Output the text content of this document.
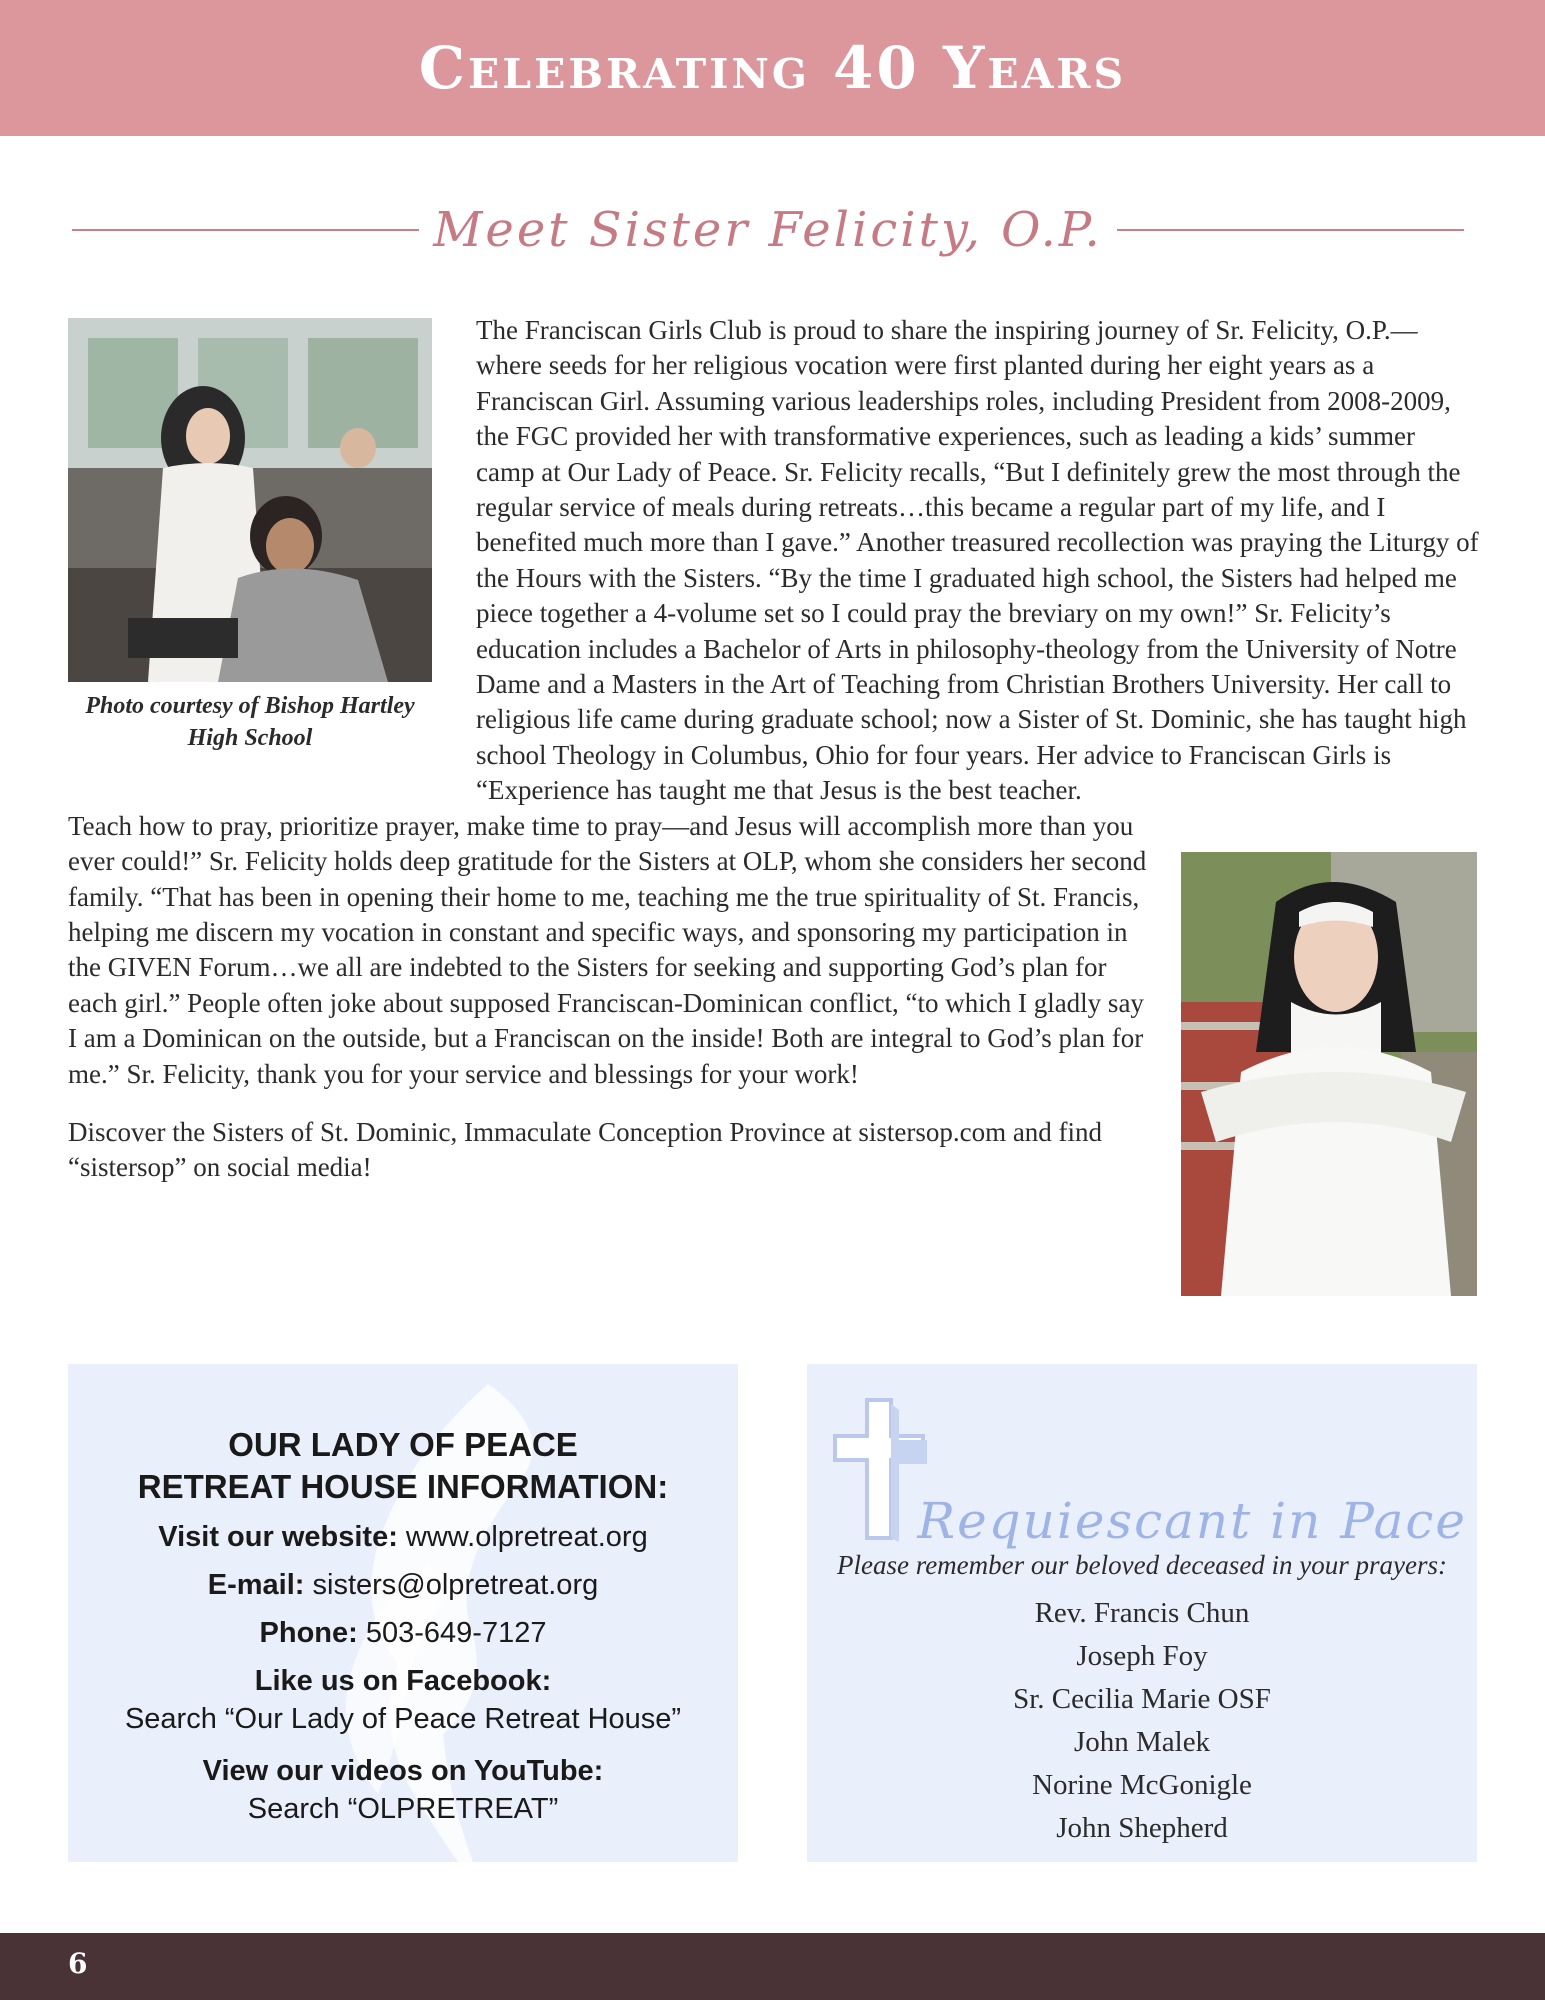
Celebrating 40 Years
Meet Sister Felicity, O.P.
Photo courtesy of Bishop Hartley High School

The Franciscan Girls Club is proud to share the inspiring journey of Sr. Felicity, O.P.—where seeds for her religious vocation were first planted during her eight years as a Franciscan Girl. Assuming various leaderships roles, including President from 2008-2009, the FGC provided her with transformative experiences, such as leading a kids’ summer camp at Our Lady of Peace. Sr. Felicity recalls, “But I definitely grew the most through the regular service of meals during retreats…this became a regular part of my life, and I benefited much more than I gave.” Another treasured recollection was praying the Liturgy of the Hours with the Sisters. “By the time I graduated high school, the Sisters had helped me piece together a 4-volume set so I could pray the breviary on my own!” Sr. Felicity’s education includes a Bachelor of Arts in philosophy-theology from the University of Notre Dame and a Masters in the Art of Teaching from Christian Brothers University. Her call to religious life came during graduate school; now a Sister of St. Dominic, she has taught high school Theology in Columbus, Ohio for four years. Her advice to Franciscan Girls is “Experience has taught me that Jesus is the best teacher. Teach how to pray, prioritize prayer, make time to pray—and Jesus will accomplish more than you ever could!” Sr. Felicity holds deep gratitude for the Sisters at OLP, whom she considers her second family. “That has been in opening their home to me, teaching me the true spirituality of St. Francis, helping me discern my vocation in constant and specific ways, and sponsoring my participation in the GIVEN Forum…we all are indebted to the Sisters for seeking and supporting God’s plan for each girl.” People often joke about supposed Franciscan-Dominican conflict, “to which I gladly say I am a Dominican on the outside, but a Franciscan on the inside! Both are integral to God’s plan for me.” Sr. Felicity, thank you for your service and blessings for your work!

Discover the Sisters of St. Dominic, Immaculate Conception Province at sistersop.com and find “sistersop” on social media!

OUR LADY OF PEACE
RETREAT HOUSE INFORMATION:
Visit our website: www.olpretreat.org
E-mail: sisters@olpretreat.org
Phone: 503-649-7127
Like us on Facebook:
Search “Our Lady of Peace Retreat House”
View our videos on YouTube:
Search “OLPRETREAT”
Requiescant in Pace
Please remember our beloved deceased in your prayers:
Rev. Francis Chun
Joseph Foy
Sr. Cecilia Marie OSF
John Malek
Norine McGonigle
John Shepherd
6
